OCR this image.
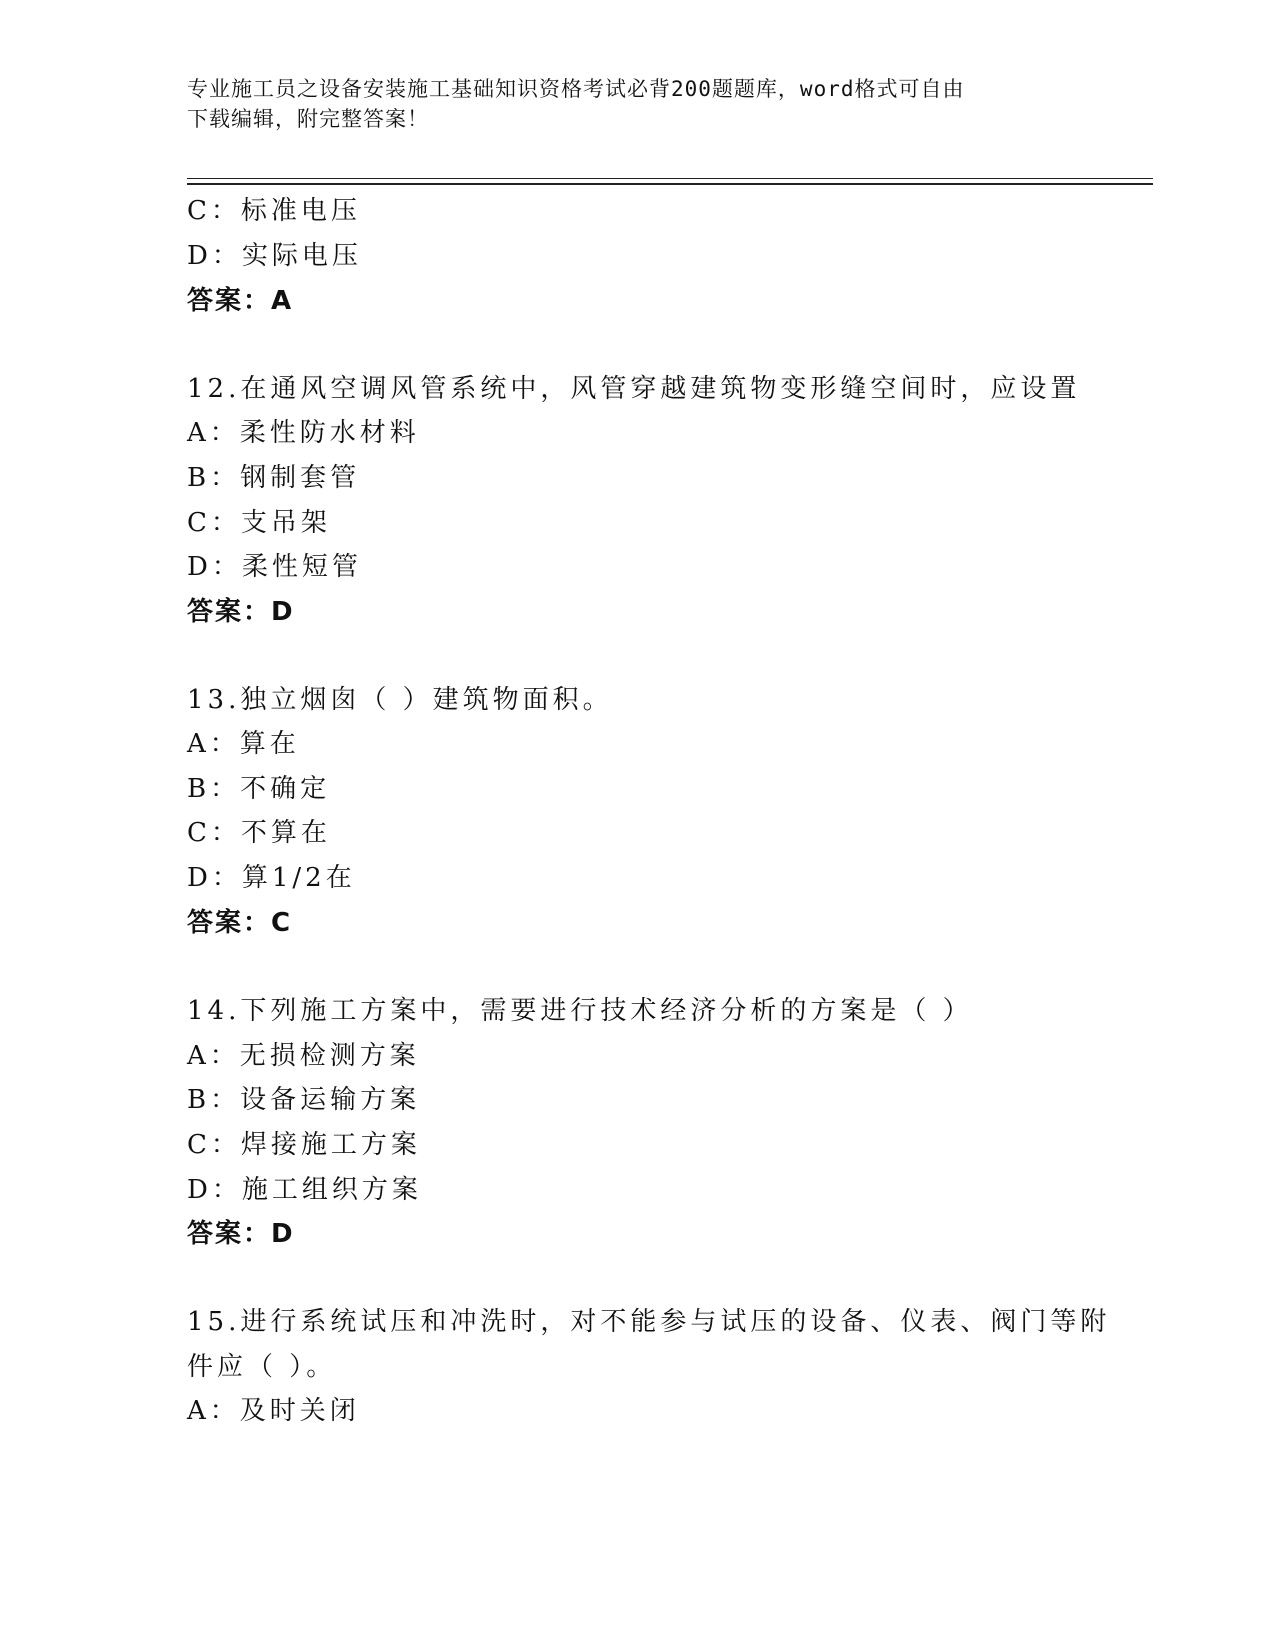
专业施工员之设备安装施工基础知识资格考试必背200题题库，word格式可自由
下载编辑，附完整答案！
C：标准电压
D：实际电压
答案：A
12.在通风空调风管系统中，风管穿越建筑物变形缝空间时，应设置
A：柔性防水材料
B：钢制套管
C：支吊架
D：柔性短管
答案：D
13.独立烟囱（ ）建筑物面积。
A：算在
B：不确定
C：不算在
D：算1/2在
答案：C
14.下列施工方案中，需要进行技术经济分析的方案是（ ）
A：无损检测方案
B：设备运输方案
C：焊接施工方案
D：施工组织方案
答案：D
15.进行系统试压和冲洗时，对不能参与试压的设备、仪表、阀门等附
件应（ ）。
A：及时关闭
